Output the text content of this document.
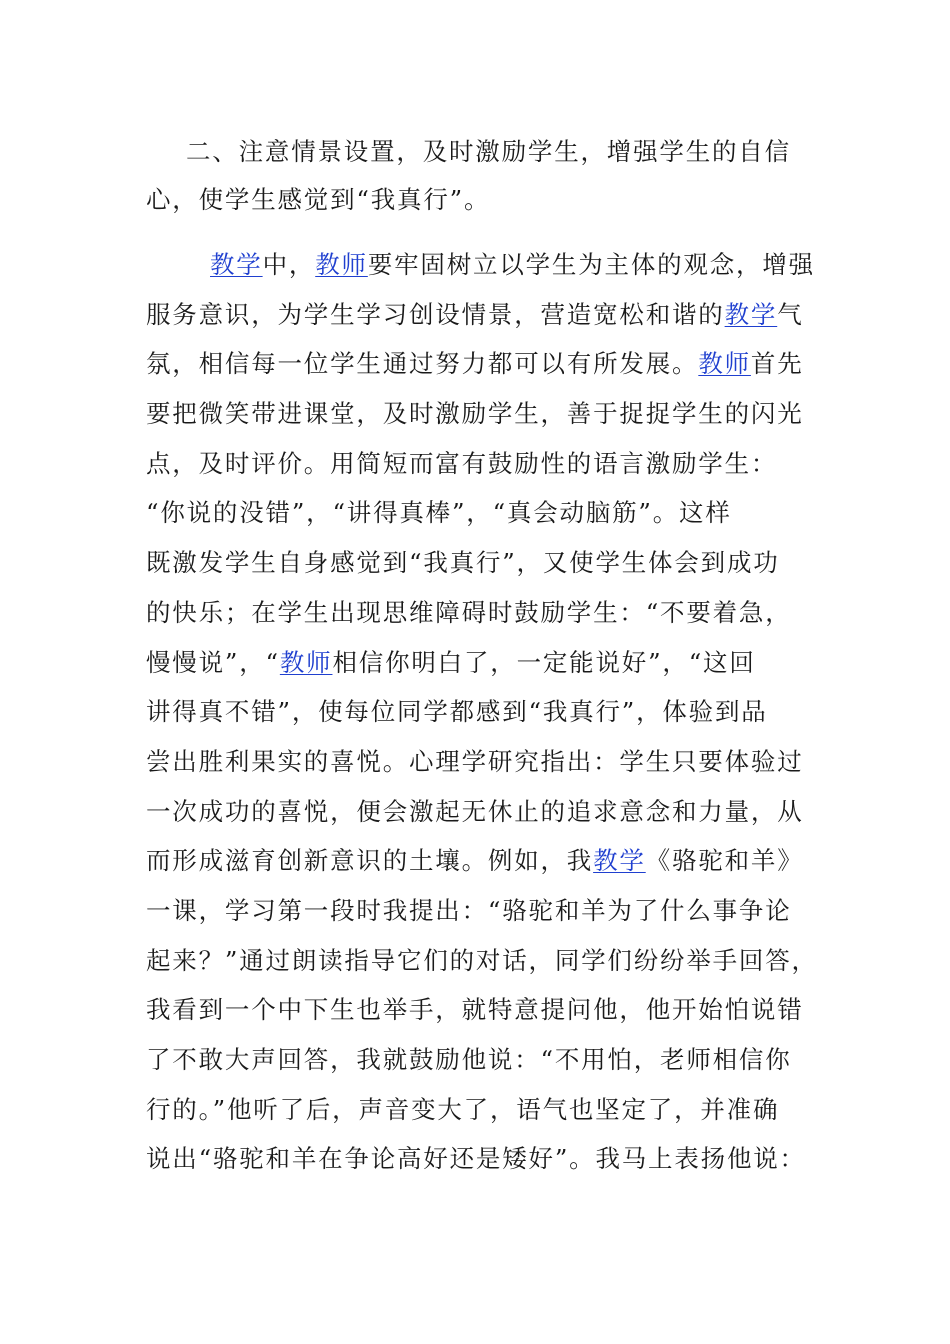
二、注意情景设置，及时激励学生，增强学生的自信心，使学生感觉到“我真行”。
教学中，教师要牢固树立以学生为主体的观念，增强
服务意识，为学生学习创设情景，营造宽松和谐的教学气
氛，相信每一位学生通过努力都可以有所发展。教师首先
要把微笑带进课堂，及时激励学生，善于捉捉学生的闪光
点，及时评价。用简短而富有鼓励性的语言激励学生：
“你说的没错”，“讲得真棒”，“真会动脑筋”。这样
既激发学生自身感觉到“我真行”，又使学生体会到成功
的快乐；在学生出现思维障碍时鼓励学生：“不要着急，
慢慢说”，“教师相信你明白了，一定能说好”，“这回
讲得真不错”，使每位同学都感到“我真行”，体验到品
尝出胜利果实的喜悦。心理学研究指出：学生只要体验过
一次成功的喜悦，便会激起无休止的追求意念和力量，从
而形成滋育创新意识的土壤。例如，我教学《骆驼和羊》
一课，学习第一段时我提出：“骆驼和羊为了什么事争论
起来？”通过朗读指导它们的对话，同学们纷纷举手回答，
我看到一个中下生也举手，就特意提问他，他开始怕说错
了不敢大声回答，我就鼓励他说：“不用怕，老师相信你
行的。”他听了后，声音变大了，语气也坚定了，并准确
说出“骆驼和羊在争论高好还是矮好”。我马上表扬他说：
